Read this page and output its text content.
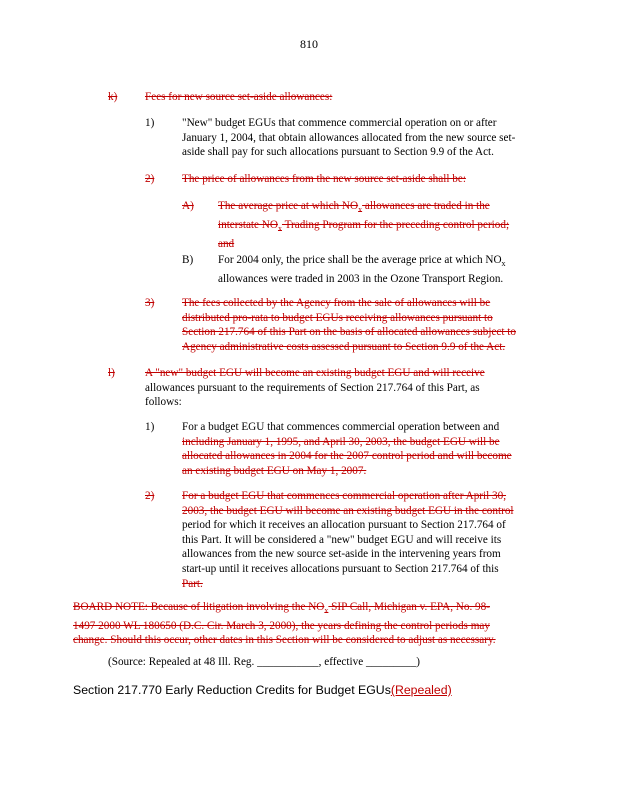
810
k) Fees for new source set-aside allowances:
1) "New" budget EGUs that commence commercial operation on or after
January 1, 2004, that obtain allowances allocated from the new source set-
aside shall pay for such allocations pursuant to Section 9.9 of the Act.
2) The price of allowances from the new source set-aside shall be:
A) The average price at which $NO_x$ allowances are traded in the
interstate $NO_x$ Trading Program for the preceding control period;
and
B) For 2004 only, the price shall be the average price at which $NO_x$
allowances were traded in 2003 in the Ozone Transport Region.
3) The fees collected by the Agency from the sale of allowances will be
distributed pro-rata to budget EGUs receiving allowances pursuant to
Section 217.764 of this Part on the basis of allocated allowances subject to
Agency administrative costs assessed pursuant to Section 9.9 of the Act.
l)	A "new" budget EGU will become an existing budget EGU and will receive
allowances pursuant to the requirements of Section 217.764 of this Part, as
follows:
1) For a budget EGU that commences commercial operation between and
including January 1, 1995, and April 30, 2003, the budget EGU will be
allocated allowances in 2004 for the 2007 control period and will become
an existing budget EGU on May 1, 2007.
2) For a budget EGU that commences commercial operation after April 30,
2003, the budget EGU will become an existing budget EGU in the control
period for which it receives an allocation pursuant to Section 217.764 of
this Part. It will be considered a "new" budget EGU and will receive its
allowances from the new source set-aside in the intervening years from
start-up until it receives allocations pursuant to Section 217.764 of this
Part.
BOARD NOTE: Because of litigation involving the $NO_x$ SIP Call, Michigan v. EPA, No. 98-
1497 2000 WL 180650 (D.C. Cir. March 3, 2000), the years defining the control periods may
change. Should this occur, other dates in this Section will be considered to adjust as necessary.
(Source: Repealed at 48 Ill. Reg. ___________, effective _________)
Section 217.770 Early Reduction Credits for Budget EGUs(Repealed)
